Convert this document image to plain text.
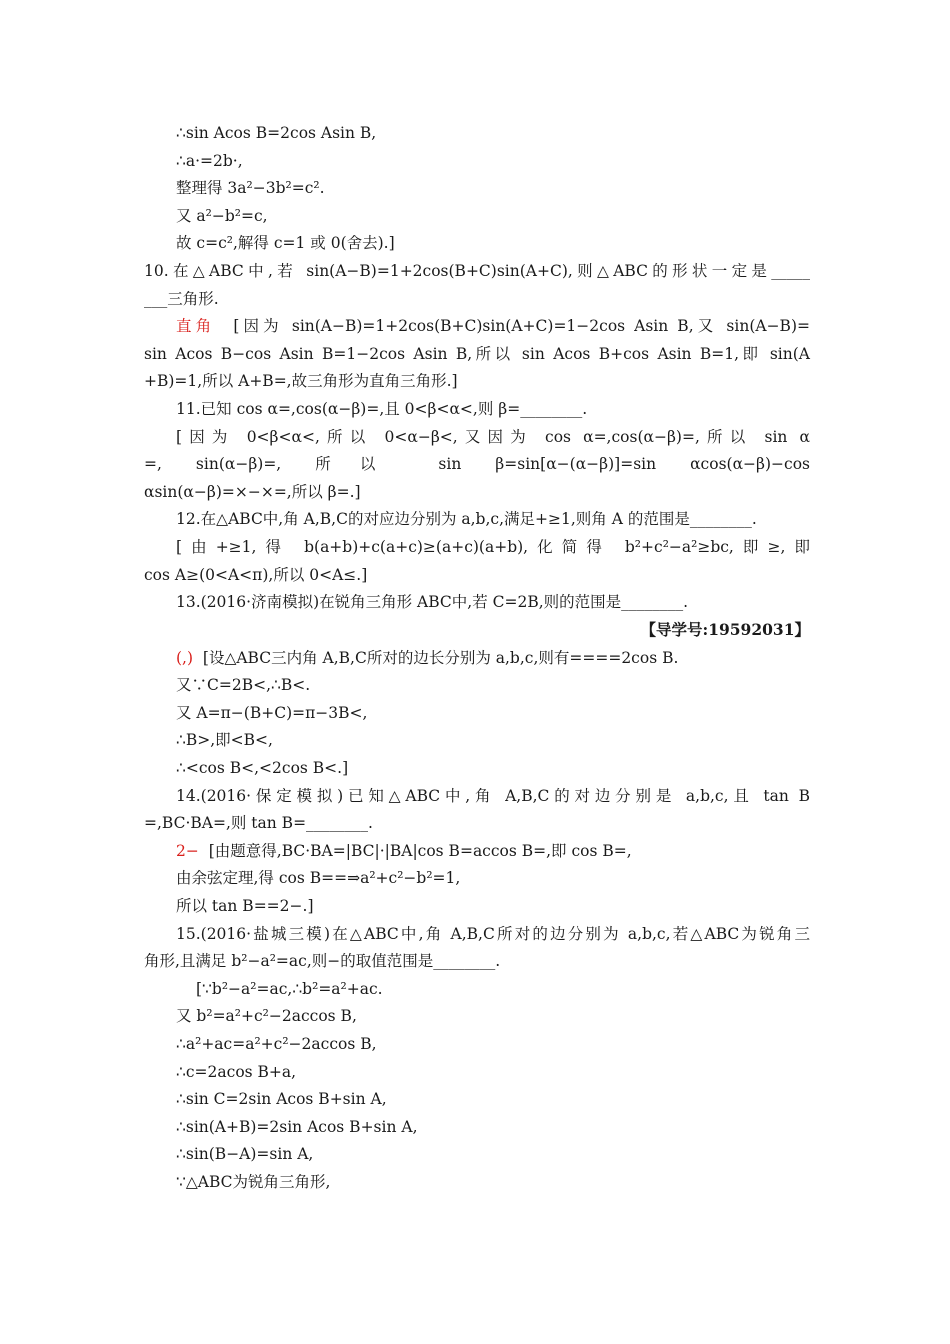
∴sin Acos B=2cos Asin B,
∴a·=2b·,
整理得 3a²−3b²=c².
又 a²−b²=c,
故 c=c²,解得 c=1 或 0(舍去).]
10.在△ABC中,若 sin(A−B)=1+2cos(B+C)sin(A+C),则△ABC的形状一定是_____
___三角形.
直角 [因为 sin(A−B)=1+2cos(B+C)sin(A+C)=1−2cos Asin B,又 sin(A−B)=
sin Acos B−cos Asin B=1−2cos Asin B,所以 sin Acos B+cos Asin B=1,即 sin(A
+B)=1,所以 A+B=,故三角形为直角三角形.]
11.已知 cos α=,cos(α−β)=,且 0<β<α<,则 β=________.
[因为 0<β<α<,所以 0<α−β<,又因为 cos α=,cos(α−β)=,所以 sin α
=, sin(α−β)=, 所以 sin β=sin[α−(α−β)]=sin αcos(α−β)−cos
αsin(α−β)=×−×=,所以 β=.]
12.在△ABC中,角 A,B,C的对应边分别为 a,b,c,满足+≥1,则角 A 的范围是________.
[由+≥1,得 b(a+b)+c(a+c)≥(a+c)(a+b),化简得 b²+c²−a²≥bc,即≥,即
cos A≥(0<A<π),所以 0<A≤.]
13.(2016·济南模拟)在锐角三角形 ABC中,若 C=2B,则的范围是________.
【导学号:19592031】
(,) [设△ABC三内角 A,B,C所对的边长分别为 a,b,c,则有====2cos B.
又∵C=2B<,∴B<.
又 A=π−(B+C)=π−3B<,
∴B>,即<B<,
∴<cos B<,<2cos B<.]
14.(2016·保定模拟)已知△ABC中,角 A,B,C的对边分别是 a,b,c,且 tan B
=,BC·BA=,则 tan B=________.
2− [由题意得,BC·BA=|BC|·|BA|cos B=accos B=,即 cos B=,
由余弦定理,得 cos B==⇒a²+c²−b²=1,
所以 tan B==2−.]
15.(2016·盐城三模)在△ABC中,角 A,B,C所对的边分别为 a,b,c,若△ABC为锐角三
角形,且满足 b²−a²=ac,则−的取值范围是________.
[∵b²−a²=ac,∴b²=a²+ac.
又 b²=a²+c²−2accos B,
∴a²+ac=a²+c²−2accos B,
∴c=2acos B+a,
∴sin C=2sin Acos B+sin A,
∴sin(A+B)=2sin Acos B+sin A,
∴sin(B−A)=sin A,
∵△ABC为锐角三角形,
